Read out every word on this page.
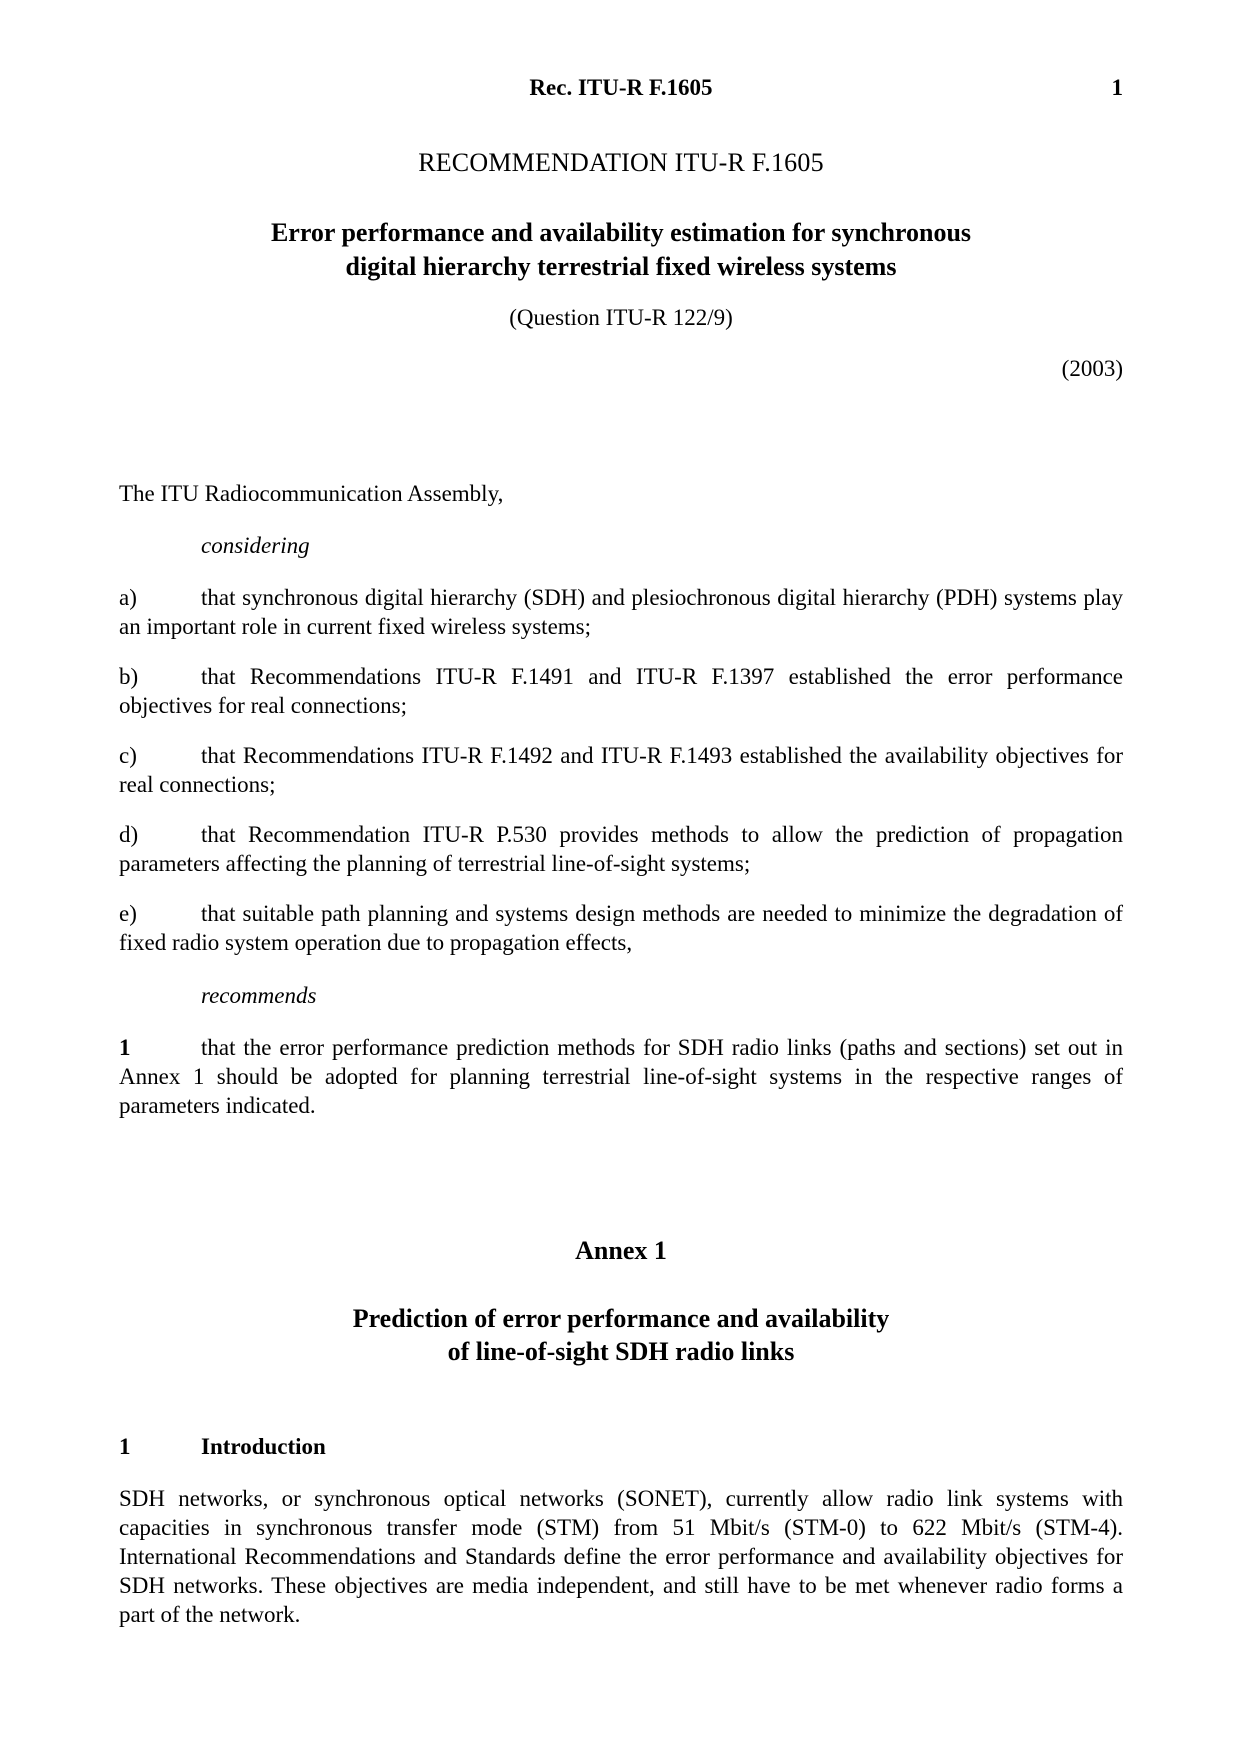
Rec. ITU-R F.1605	1
RECOMMENDATION ITU-R F.1605
Error performance and availability estimation for synchronous
digital hierarchy terrestrial fixed wireless systems
(Question ITU-R 122/9)
(2003)
The ITU Radiocommunication Assembly,
considering
a)	that synchronous digital hierarchy (SDH) and plesiochronous digital hierarchy (PDH) systems play an important role in current fixed wireless systems;
b)	that Recommendations ITU-R F.1491 and ITU-R F.1397 established the error performance objectives for real connections;
c)	that Recommendations ITU-R F.1492 and ITU-R F.1493 established the availability objectives for real connections;
d)	that Recommendation ITU-R P.530 provides methods to allow the prediction of propagation parameters affecting the planning of terrestrial line-of-sight systems;
e)	that suitable path planning and systems design methods are needed to minimize the degradation of fixed radio system operation due to propagation effects,
recommends
1	that the error performance prediction methods for SDH radio links (paths and sections) set out in Annex 1 should be adopted for planning terrestrial line-of-sight systems in the respective ranges of parameters indicated.
Annex 1
Prediction of error performance and availability
of line-of-sight SDH radio links
1	Introduction
SDH networks, or synchronous optical networks (SONET), currently allow radio link systems with capacities in synchronous transfer mode (STM) from 51 Mbit/s (STM-0) to 622 Mbit/s (STM-4). International Recommendations and Standards define the error performance and availability objectives for SDH networks. These objectives are media independent, and still have to be met whenever radio forms a part of the network.
